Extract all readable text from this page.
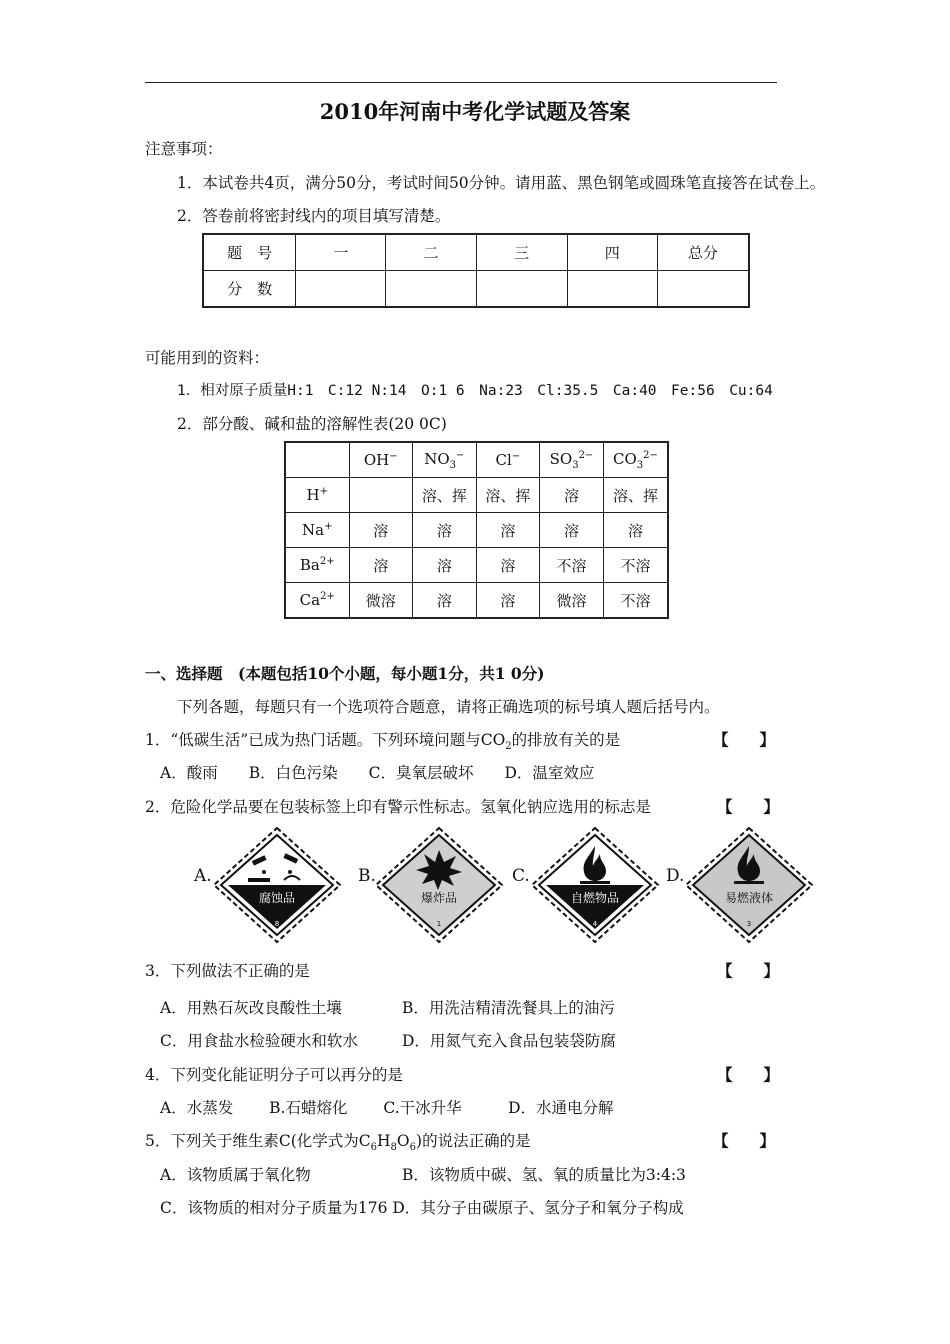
2010年河南中考化学试题及答案
注意事项：
1．本试卷共4页，满分50分，考试时间50分钟。请用蓝、黑色钢笔或圆珠笔直接答在试卷上。
2．答卷前将密封线内的项目填写清楚。
题　号	一	二	三	四	总分
分　数					
可能用到的资料：
1．相对原子质量H:1　C:12 N:14　O:1 6　Na:23　Cl:35.5　Ca:40　Fe:56　Cu:64
2．部分酸、碱和盐的溶解性表(20 0C)
	OH−	$NO_3^-$	Cl−	$SO_3^{2-}$	$CO_3^{2-}$
H+		溶、挥	溶、挥	溶	溶、挥
Na+	溶	溶	溶	溶	溶
$Ba^{2+}$	溶	溶	溶	不溶	不溶
$Ca^{2+}$	微溶	溶	溶	微溶	不溶
一、选择题　(本题包括10个小题，每小题1分，共1 0分)
下列各题，每题只有一个选项符合题意，请将正确选项的标号填人题后括号内。
1．“低碳生活”已成为热门话题。下列环境问题与$CO_2$的排放有关的是	【　　】
A．酸雨　　B．白色污染　　C．臭氧层破坏　　D．温室效应
2．危险化学品要在包装标签上印有警示性标志。氢氧化钠应选用的标志是	【　　】
A.
腐蚀品
8
B.
爆炸品
1
C.
自燃物品
4
D.
易燃液体
3
3．下列做法不正确的是	【　　】
A．用熟石灰改良酸性土壤	B．用洗洁精清洗餐具上的油污
C．用食盐水检验硬水和软水	D．用氮气充入食品包装袋防腐
4．下列变化能证明分子可以再分的是	【　　】
A．水蒸发　　 B.石蜡熔化　　 C.干冰升华　　　D．水通电分解
5．下列关于维生素C(化学式为$C_6H_8O_6$)的说法正确的是	【　　】
A．该物质属于氧化物	B．该物质中碳、氢、氧的质量比为3:4:3
C．该物质的相对分子质量为176 D．其分子由碳原子、氢分子和氧分子构成
